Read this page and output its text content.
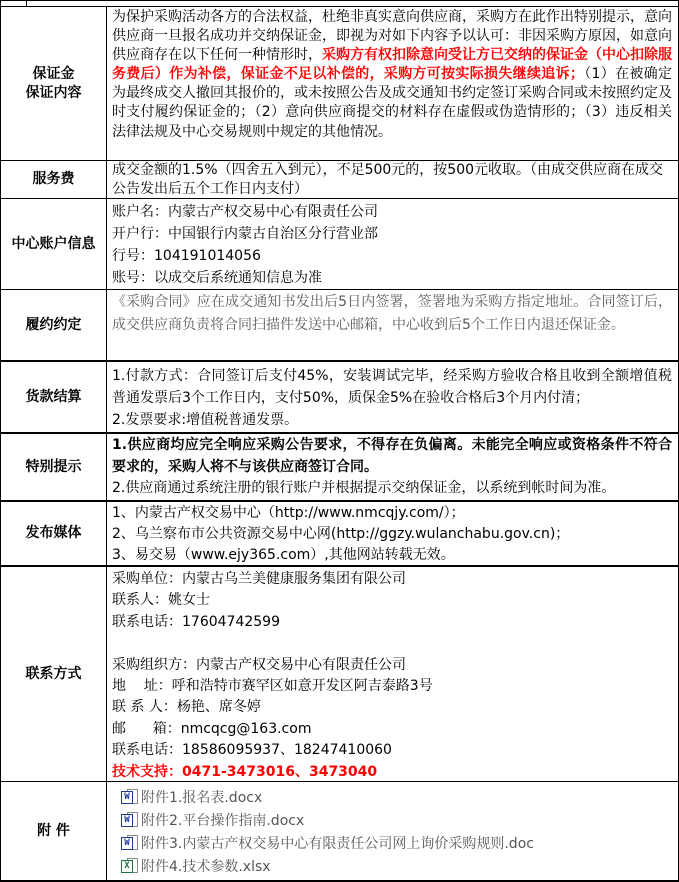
保证金
保证内容
为保护采购活动各方的合法权益，杜绝非真实意向供应商，采购方在此作出特别提示，意向供应商一旦报名成功并交纳保证金，即视为对如下内容予以认可：非因采购方原因，如意向供应商存在以下任何一种情形时，采购方有权扣除意向受让方已交纳的保证金（中心扣除服务费后）作为补偿，保证金不足以补偿的，采购方可按实际损失继续追诉；（1）在被确定为最终成交人撤回其报价的，或未按照公告及成交通知书约定签订采购合同或未按照约定及时支付履约保证金的；（2）意向供应商提交的材料存在虚假或伪造情形的；（3）违反相关法律法规及中心交易规则中规定的其他情况。
服务费
成交金额的1.5%（四舍五入到元），不足500元的，按500元收取。（由成交供应商在成交公告发出后五个工作日内支付）
中心账户信息
账户名：内蒙古产权交易中心有限责任公司
开户行：中国银行内蒙古自治区分行营业部
行号：104191014056
账号：以成交后系统通知信息为准
履约约定
《采购合同》应在成交通知书发出后5日内签署，签署地为采购方指定地址。合同签订后，成交供应商负责将合同扫描件发送中心邮箱，中心收到后5个工作日内退还保证金。
货款结算
1.付款方式：合同签订后支付45%，安装调试完毕，经采购方验收合格且收到全额增值税普通发票后3个工作日内，支付50%，质保金5%在验收合格后3个月内付清；
2.发票要求:增值税普通发票。
特别提示
1.供应商均应完全响应采购公告要求，不得存在负偏离。未能完全响应或资格条件不符合要求的，采购人将不与该供应商签订合同。
2.供应商通过系统注册的银行账户并根据提示交纳保证金，以系统到帐时间为准。
发布媒体
1、内蒙古产权交易中心（http://www.nmcqjy.com/）；
2、乌兰察布市公共资源交易中心网(http://ggzy.wulanchabu.gov.cn)；
3、易交易（www.ejy365.com）,其他网站转载无效。
联系方式
采购单位：内蒙古乌兰美健康服务集团有限公司
联系人：姚女士
联系电话：17604742599
采购组织方：内蒙古产权交易中心有限责任公司
地    址：呼和浩特市赛罕区如意开发区阿吉泰路3号
联 系 人：杨艳、席冬婷
邮      箱：nmcqcg@163.com
联系电话：18586095937、18247410060
技术支持：0471-3473016、3473040
附 件
W 附件1.报名表.docx
W 附件2.平台操作指南.docx
W 附件3.内蒙古产权交易中心有限责任公司网上询价采购规则.doc
X 附件4.技术参数.xlsx
